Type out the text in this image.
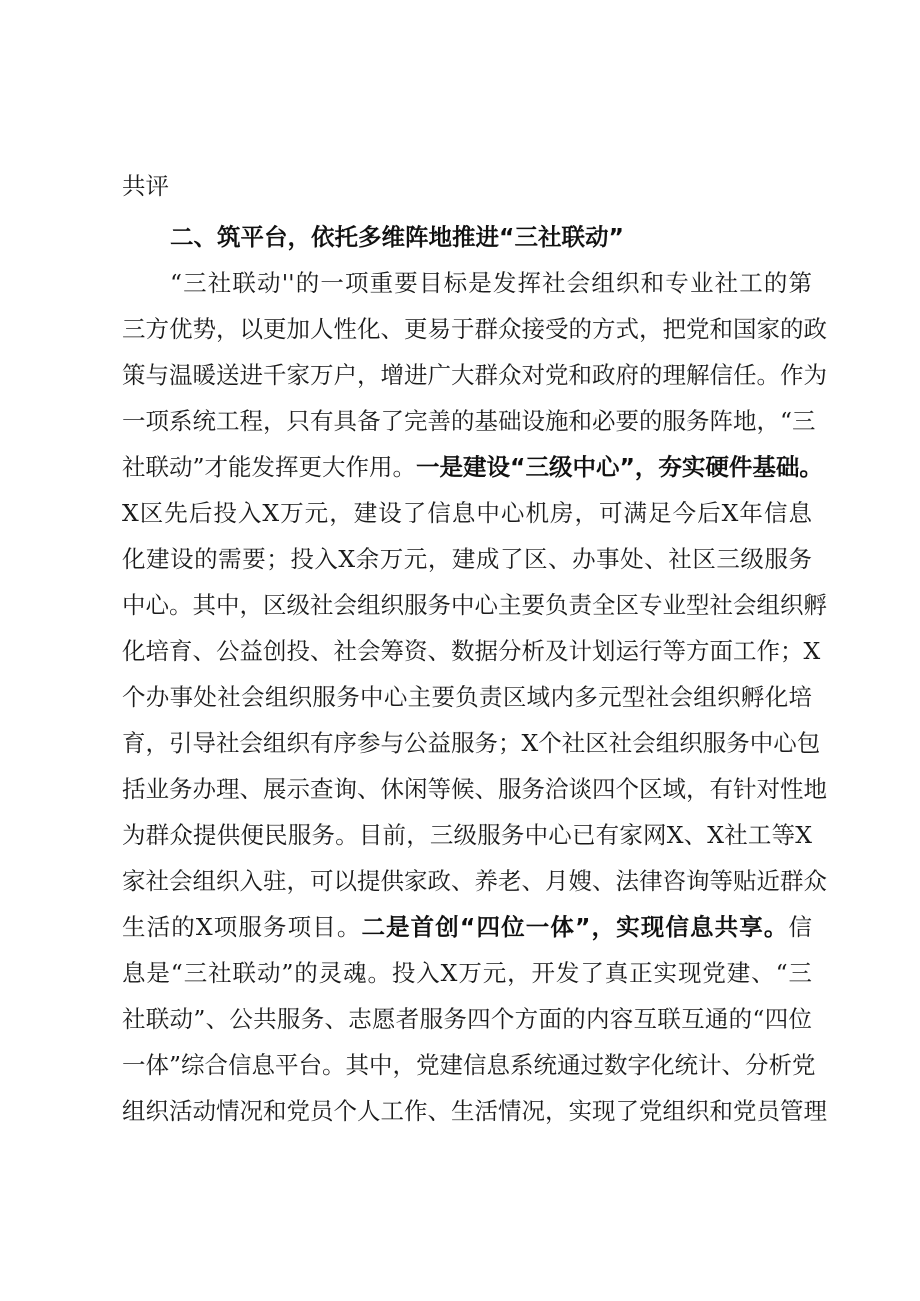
共评
二、筑平台，依托多维阵地推进“三社联动”
“三社联动''的一项重要目标是发挥社会组织和专业社工的第
三方优势，以更加人性化、更易于群众接受的方式，把党和国家的政
策与温暖送进千家万户，增进广大群众对党和政府的理解信任。作为
一项系统工程，只有具备了完善的基础设施和必要的服务阵地，“三
社联动”才能发挥更大作用。一是建设“三级中心”，夯实硬件基础。
X区先后投入X万元，建设了信息中心机房，可满足今后X年信息
化建设的需要；投入X余万元，建成了区、办事处、社区三级服务
中心。其中，区级社会组织服务中心主要负责全区专业型社会组织孵
化培育、公益创投、社会筹资、数据分析及计划运行等方面工作；X
个办事处社会组织服务中心主要负责区域内多元型社会组织孵化培
育，引导社会组织有序参与公益服务；X个社区社会组织服务中心包
括业务办理、展示查询、休闲等候、服务洽谈四个区域，有针对性地
为群众提供便民服务。目前，三级服务中心已有家网X、X社工等X
家社会组织入驻，可以提供家政、养老、月嫂、法律咨询等贴近群众
生活的X项服务项目。二是首创“四位一体”，实现信息共享。信
息是“三社联动”的灵魂。投入X万元，开发了真正实现党建、“三
社联动”、公共服务、志愿者服务四个方面的内容互联互通的“四位
一体”综合信息平台。其中，党建信息系统通过数字化统计、分析党
组织活动情况和党员个人工作、生活情况，实现了党组织和党员管理
